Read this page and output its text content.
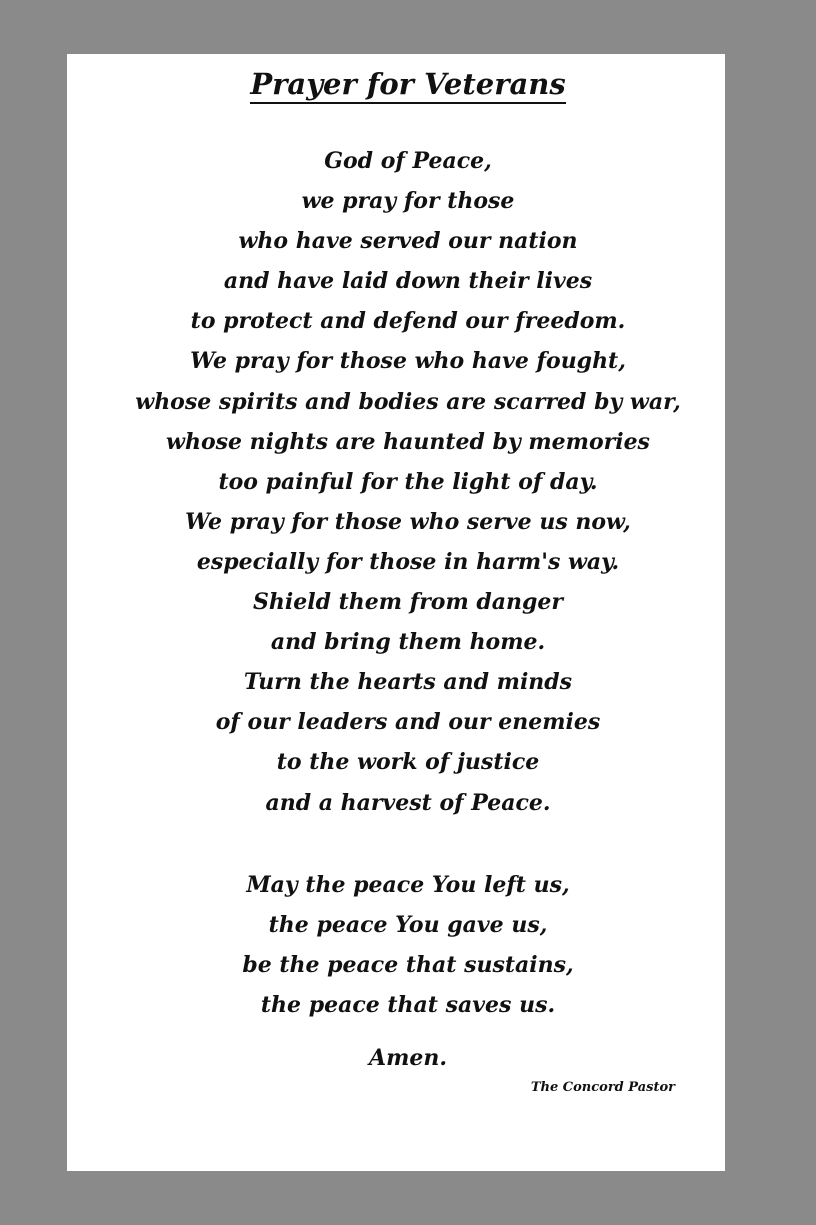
Prayer for Veterans
God of Peace,
we pray for those
who have served our nation
and have laid down their lives
to protect and defend our freedom.
We pray for those who have fought,
whose spirits and bodies are scarred by war,
whose nights are haunted by memories
too painful for the light of day.
We pray for those who serve us now,
especially for those in harm's way.
Shield them from danger
and bring them home.
Turn the hearts and minds
of our leaders and our enemies
to the work of justice
and a harvest of Peace.
May the peace You left us,
the peace You gave us,
be the peace that sustains,
the peace that saves us.

Amen.

The Concord Pastor
